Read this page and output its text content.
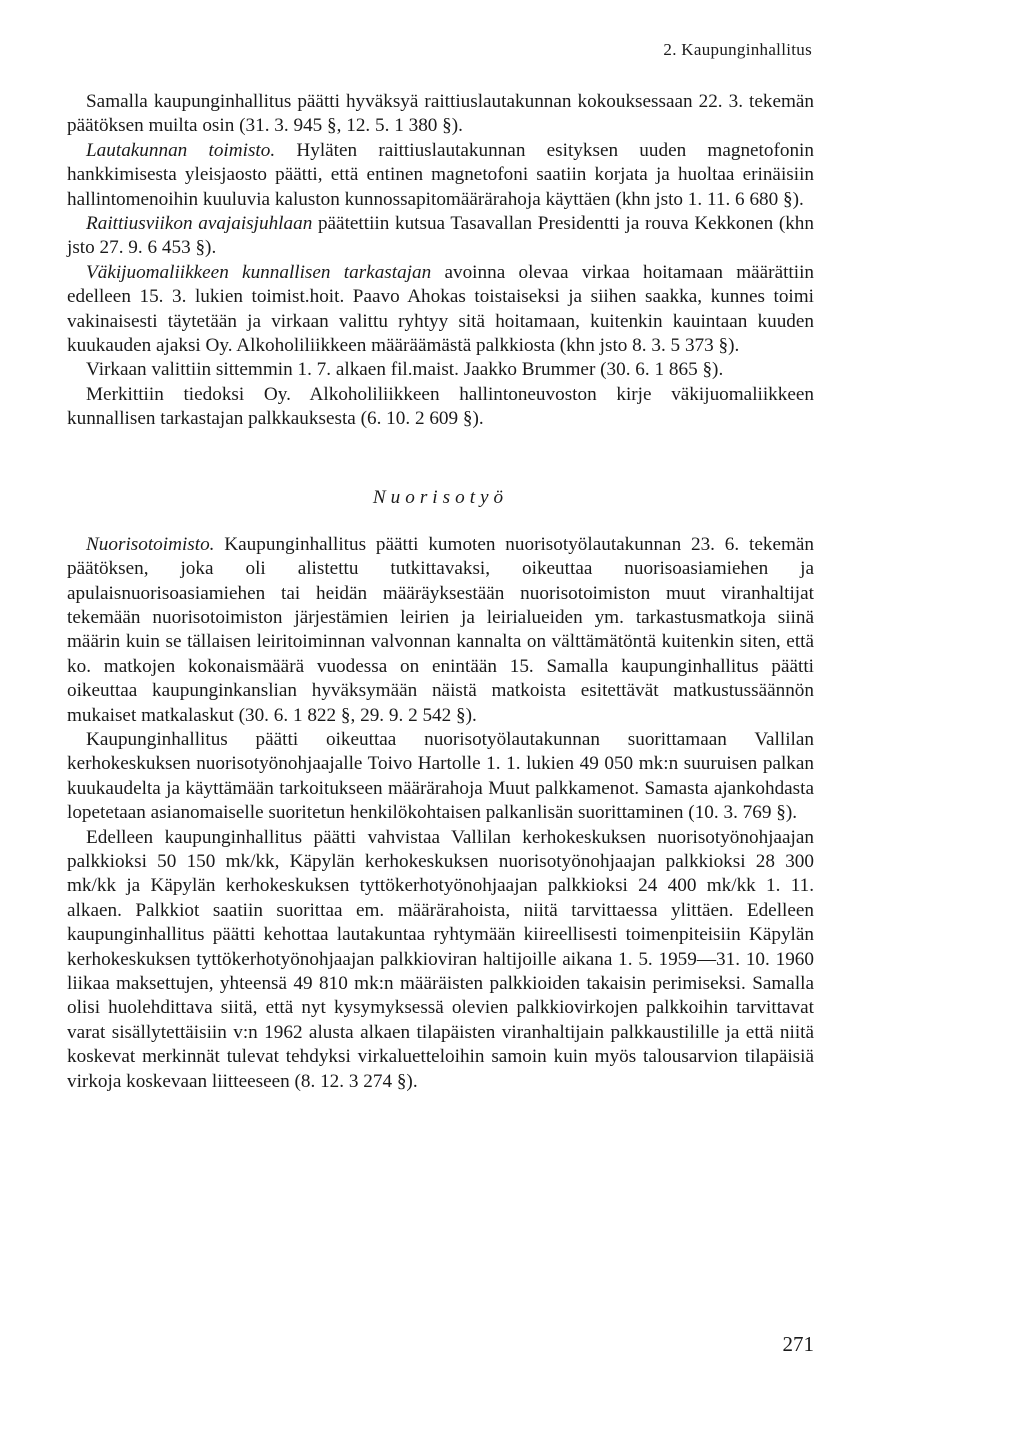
2. Kaupunginhallitus

Samalla kaupunginhallitus päätti hyväksyä raittiuslautakunnan kokouksessaan 22. 3. tekemän päätöksen muilta osin (31. 3. 945 §, 12. 5. 1 380 §).

Lautakunnan toimisto. Hyläten raittiuslautakunnan esityksen uuden magnetofonin hankkimisesta yleisjaosto päätti, että entinen magnetofoni saatiin korjata ja huoltaa erinäisiin hallintomenoihin kuuluvia kaluston kunnossapitomäärärahoja käyttäen (khn jsto 1. 11. 6 680 §).

Raittiusviikon avajaisjuhlaan päätettiin kutsua Tasavallan Presidentti ja rouva Kekkonen (khn jsto 27. 9. 6 453 §).

Väkijuomaliikkeen kunnallisen tarkastajan avoinna olevaa virkaa hoitamaan määrättiin edelleen 15. 3. lukien toimist.hoit. Paavo Ahokas toistaiseksi ja siihen saakka, kunnes toimi vakinaisesti täytetään ja virkaan valittu ryhtyy sitä hoitamaan, kuitenkin kauintaan kuuden kuukauden ajaksi Oy. Alkoholiliikkeen määräämästä palkkiosta (khn jsto 8. 3. 5 373 §).

Virkaan valittiin sittemmin 1. 7. alkaen fil.maist. Jaakko Brummer (30. 6. 1 865 §).

Merkittiin tiedoksi Oy. Alkoholiliikkeen hallintoneuvoston kirje väkijuomaliikkeen kunnallisen tarkastajan palkkauksesta (6. 10. 2 609 §).

Nuorisotyö

Nuorisotoimisto. Kaupunginhallitus päätti kumoten nuorisotyölautakunnan 23. 6. tekemän päätöksen, joka oli alistettu tutkittavaksi, oikeuttaa nuorisoasiamiehen ja apulaisnuorisoasiamiehen tai heidän määräyksestään nuorisotoimiston muut viranhaltijat tekemään nuorisotoimiston järjestämien leirien ja leirialueiden ym. tarkastusmatkoja siinä määrin kuin se tällaisen leiritoiminnan valvonnan kannalta on välttämätöntä kuitenkin siten, että ko. matkojen kokonaismäärä vuodessa on enintään 15. Samalla kaupunginhallitus päätti oikeuttaa kaupunginkanslian hyväksymään näistä matkoista esitettävät matkustussäännön mukaiset matkalaskut (30. 6. 1 822 §, 29. 9. 2 542 §).

Kaupunginhallitus päätti oikeuttaa nuorisotyölautakunnan suorittamaan Vallilan kerhokeskuksen nuorisotyönohjaajalle Toivo Hartolle 1. 1. lukien 49 050 mk:n suuruisen palkan kuukaudelta ja käyttämään tarkoitukseen määrärahoja Muut palkkamenot. Samasta ajankohdasta lopetetaan asianomaiselle suoritetun henkilökohtaisen palkanlisän suorittaminen (10. 3. 769 §).

Edelleen kaupunginhallitus päätti vahvistaa Vallilan kerhokeskuksen nuorisotyönohjaajan palkkioksi 50 150 mk/kk, Käpylän kerhokeskuksen nuorisotyönohjaajan palkkioksi 28 300 mk/kk ja Käpylän kerhokeskuksen tyttökerhotyönohjaajan palkkioksi 24 400 mk/kk 1. 11. alkaen. Palkkiot saatiin suorittaa em. määrärahoista, niitä tarvittaessa ylittäen. Edelleen kaupunginhallitus päätti kehottaa lautakuntaa ryhtymään kiireellisesti toimenpiteisiin Käpylän kerhokeskuksen tyttökerhotyönohjaajan palkkioviran haltijoille aikana 1. 5. 1959—31. 10. 1960 liikaa maksettujen, yhteensä 49 810 mk:n määräisten palkkioiden takaisin perimiseksi. Samalla olisi huolehdittava siitä, että nyt kysymyksessä olevien palkkiovirkojen palkkoihin tarvittavat varat sisällytettäisiin v:n 1962 alusta alkaen tilapäisten viranhaltijain palkkaustilille ja että niitä koskevat merkinnät tulevat tehdyksi virkaluetteloihin samoin kuin myös talousarvion tilapäisiä virkoja koskevaan liitteeseen (8. 12. 3 274 §).

271
